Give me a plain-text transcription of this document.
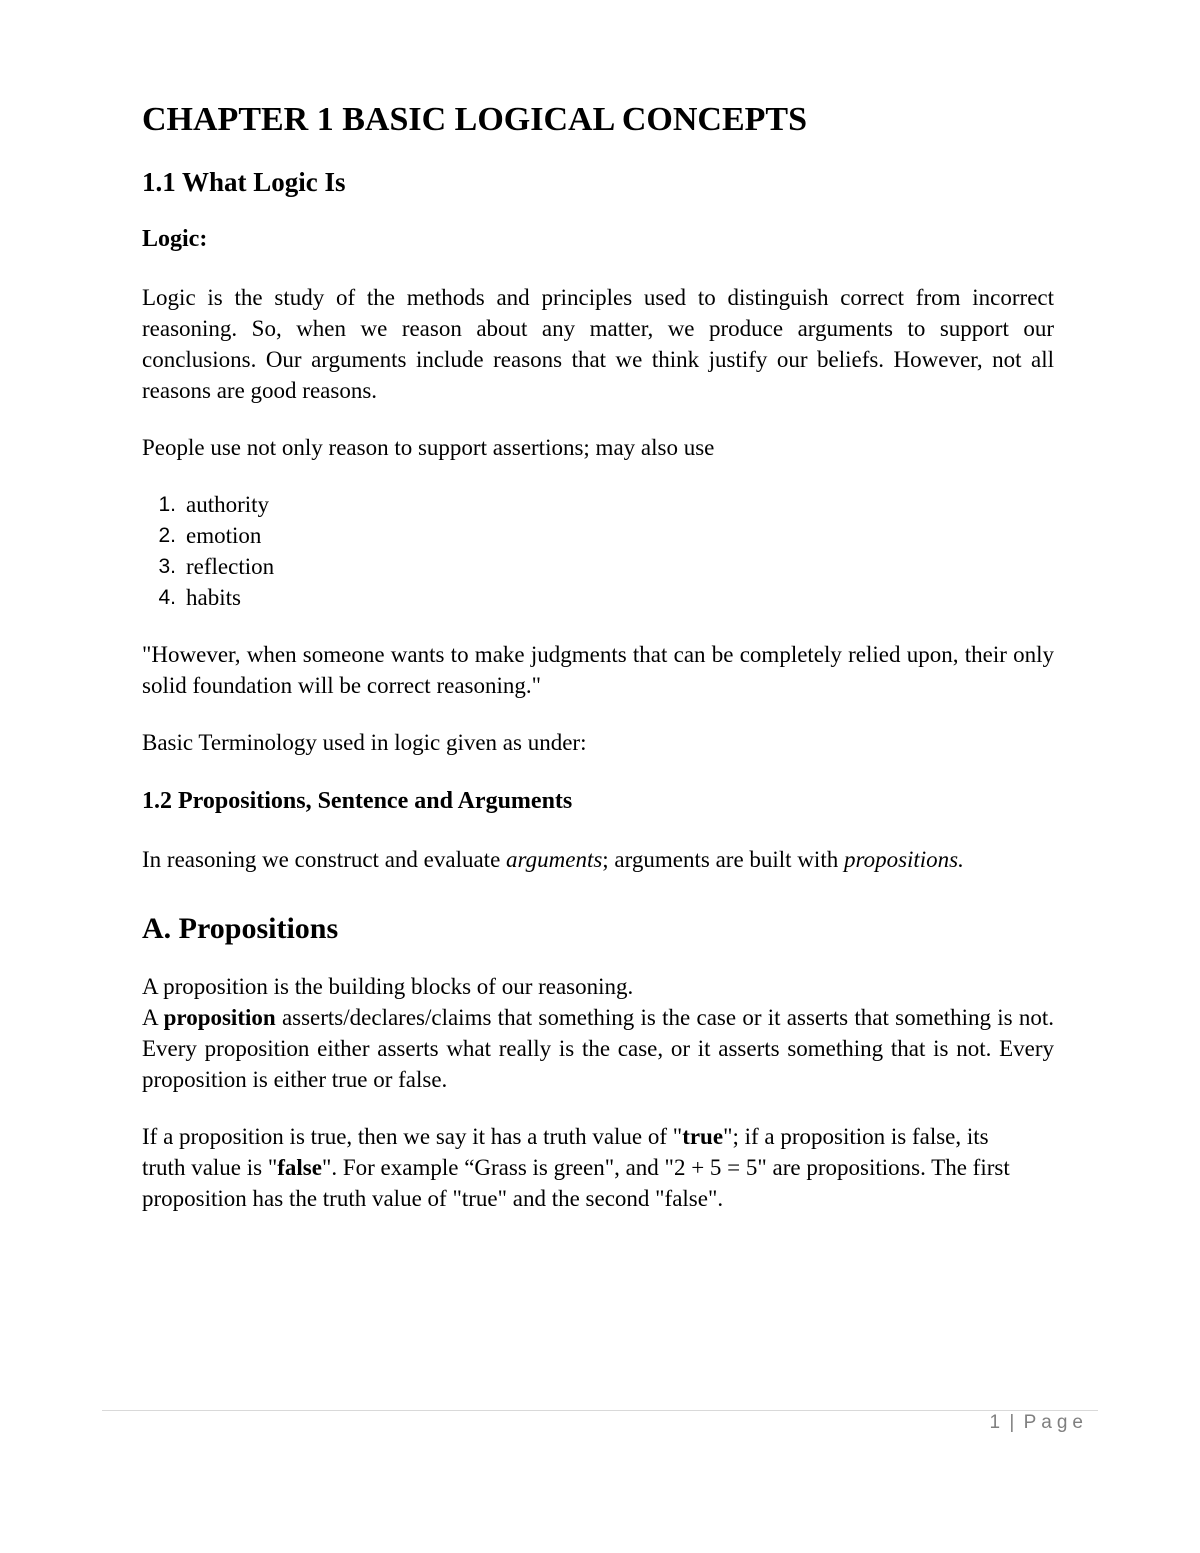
CHAPTER 1 BASIC LOGICAL CONCEPTS
1.1 What Logic Is
Logic:

Logic is the study of the methods and principles used to distinguish correct from incorrect reasoning. So, when we reason about any matter, we produce arguments to support our conclusions. Our arguments include reasons that we think justify our beliefs. However, not all reasons are good reasons.

People use not only reason to support assertions; may also use

1. authority
2. emotion
3. reflection
4. habits

"However, when someone wants to make judgments that can be completely relied upon, their only solid foundation will be correct reasoning."

Basic Terminology used in logic given as under:

1.2 Propositions, Sentence and Arguments

In reasoning we construct and evaluate arguments; arguments are built with propositions.

A. Propositions

A proposition is the building blocks of our reasoning.

A proposition asserts/declares/claims that something is the case or it asserts that something is not. Every proposition either asserts what really is the case, or it asserts something that is not. Every proposition is either true or false.

If a proposition is true, then we say it has a truth value of "true"; if a proposition is false, its truth value is "false". For example “Grass is green", and "2 + 5 = 5" are propositions. The first proposition has the truth value of "true" and the second "false".

1 | Page
